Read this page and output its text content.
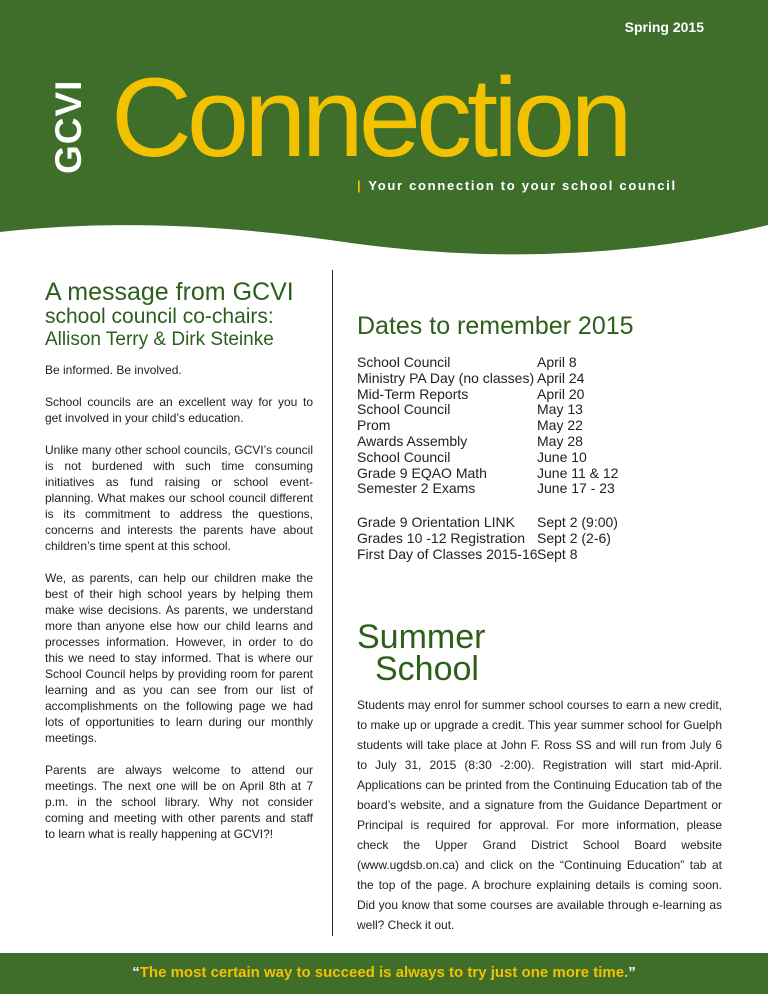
Spring 2015
GCVI Connection
| Your connection to your school council
A message from GCVI
school council co-chairs:
Allison Terry & Dirk Steinke

Be informed. Be involved.

School councils are an excellent way for you to get involved in your child’s education.

Unlike many other school councils, GCVI’s council is not burdened with such time consuming initiatives as fund raising or school event-planning. What makes our school council different is its commitment to address the questions, concerns and interests the parents have about children’s time spent at this school.

We, as parents, can help our children make the best of their high school years by helping them make wise decisions. As parents, we understand more than anyone else how our child learns and processes information. However, in order to do this we need to stay informed. That is where our School Council helps by providing room for parent learning and as you can see from our list of accomplishments on the following page we had lots of opportunities to learn during our monthly meetings.

Parents are always welcome to attend our meetings. The next one will be on April 8th at 7 p.m. in the school library. Why not consider coming and meeting with other parents and staff to learn what is really happening at GCVI?!

Dates to remember 2015
School Council	April 8
Ministry PA Day (no classes) April 24
Mid-Term Reports	April 20
School Council	May 13
Prom	May 22
Awards Assembly	May 28
School Council	June 10
Grade 9 EQAO Math	June 11 & 12
Semester 2 Exams	June 17 - 23
Grade 9 Orientation LINK Sept 2 (9:00)
Grades 10 -12 Registration Sept 2 (2-6)
First Day of Classes 2015-16 Sept 8
Summer
School

Students may enrol for summer school courses to earn a new credit, to make up or upgrade a credit. This year summer school for Guelph students will take place at John F. Ross SS and will run from July 6 to July 31, 2015 (8:30 -2:00). Registration will start mid-April. Applications can be printed from the Continuing Education tab of the board’s website, and a signature from the Guidance Department or Principal is required for approval. For more information, please check the Upper Grand District School Board website (www.ugdsb.on.ca) and click on the “Continuing Education” tab at the top of the page. A brochure explaining details is coming soon. Did you know that some courses are available through e-learning as well? Check it out.

“The most certain way to succeed is always to try just one more time.”
